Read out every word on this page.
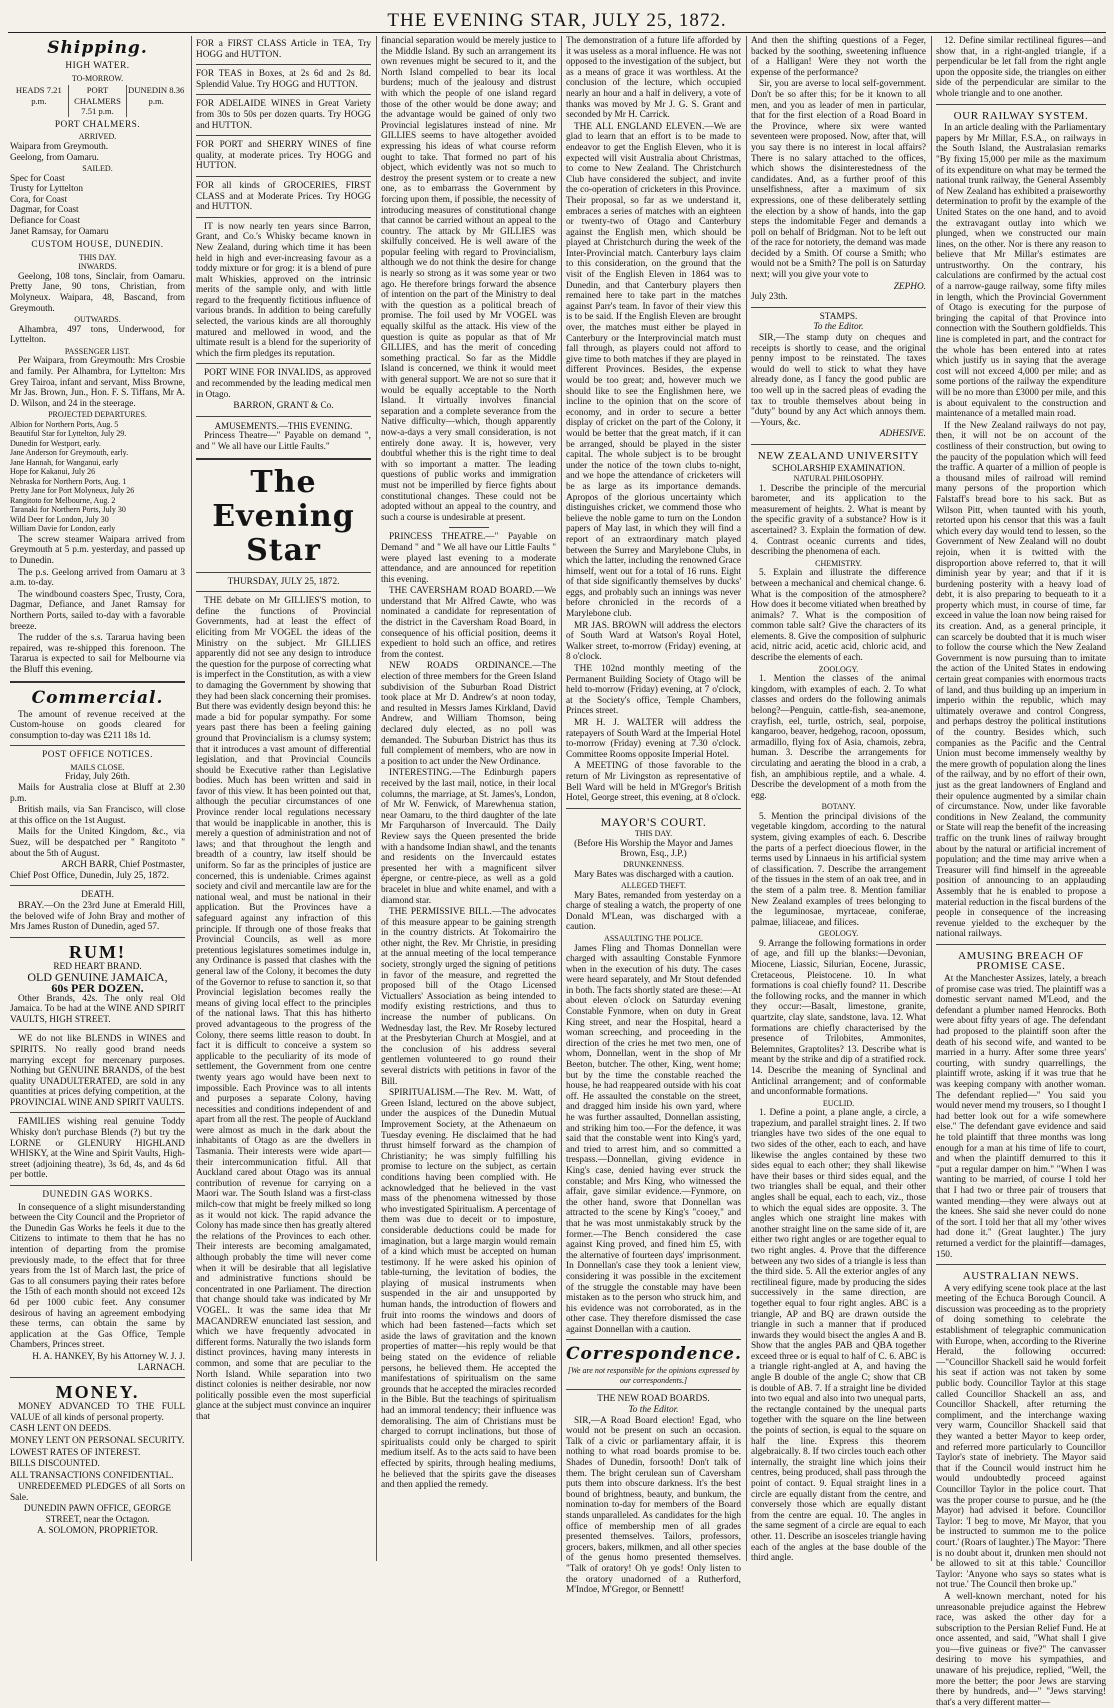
THE EVENING STAR, JULY 25, 1872.
Shipping.
HIGH WATER.
TO-MORROW.
HEADS 7.21 p.m.
PORT CHALMERS 7.51 p.m.
DUNEDIN 8.36 p.m.
PORT CHALMERS.
ARRIVED.
Waipara from Greymouth.
Geelong, from Oamaru.
SAILED.
Spec for Coast
Trusty for Lyttelton
Cora, for Coast
Dagmar, for Coast
Defiance for Coast
Janet Ramsay, for Oamaru
CUSTOM HOUSE, DUNEDIN.
THIS DAY.
INWARDS.
Geelong, 108 tons, Sinclair, from Oamaru. Pretty Jane, 90 tons, Christian, from Molyneux. Waipara, 48, Bascand, from Greymouth.
OUTWARDS.
Alhambra, 497 tons, Underwood, for Lyttelton.
PASSENGER LIST.
Per Waipara, from Greymouth: Mrs Crosbie and family. Per Alhambra, for Lyttelton: Mrs Grey Tairoa, infant and servant, Miss Browne, Mr Jas. Brown, Jun., Hon. F. S. Tiffans, Mr A. D. Wilson, and 24 in the steerage.
PROJECTED DEPARTURES.
Albion for Northern Ports, Aug. 5
Beautiful Star for Lyttelton, July 29.
Dunedin for Westport, early.
Jane Anderson for Greymouth, early.
Jane Hannah, for Wanganui, early
Hope for Kakanui, July 26
Nebraska for Northern Ports, Aug. 1
Pretty Jane for Port Molyneux, July 26
Rangitoto for Melbourne, Aug. 2
Taranaki for Northern Ports, July 30
Wild Deer for London, July 30
William Davie for London, early
The screw steamer Waipara arrived from Greymouth at 5 p.m. yesterday, and passed up to Dunedin.
The p.s. Geelong arrived from Oamaru at 3 a.m. to-day.
The windbound coasters Spec, Trusty, Cora, Dagmar, Defiance, and Janet Ramsay for Northern Ports, sailed to-day with a favorable breeze.
The rudder of the s.s. Tararua having been repaired, was re-shipped this forenoon. The Tararua is expected to sail for Melbourne via the Bluff this evening.
Commercial.
The amount of revenue received at the Custom-house on goods cleared for consumption to-day was £211 18s 1d.
POST OFFICE NOTICES.
MAILS CLOSE.
Friday, July 26th.
Mails for Australia close at Bluff at 2.30 p.m.
British mails, via San Francisco, will close at this office on the 1st August.
Mails for the United Kingdom, &c., via Suez, will be despatched per " Rangitoto " about the 5th of August.
ARCH BARR, Chief Postmaster,
Chief Post Office, Dunedin, July 25, 1872.
DEATH.
BRAY.—On the 23rd June at Emerald Hill, the beloved wife of John Bray and mother of Mrs James Ruston of Dunedin, aged 57.
RUM!
RED HEART BRAND.
OLD GENUINE JAMAICA,
60s PER DOZEN.
Other Brands, 42s. The only real Old Jamaica. To be had at the WINE AND SPIRIT VAULTS, HIGH STREET.
WE do not like BLENDS in WINES and SPIRITS. No really good brand needs marrying except for mercenary purposes. Nothing but GENUINE BRANDS, of the best quality UNADULTERATED, are sold in any quantities at prices defying competition, at the PROVINCIAL WINE AND SPIRIT VAULTS.
FAMILIES wishing real genuine Toddy Whisky don't purchase Blends (?) but try the LORNE or GLENURY HIGHLAND WHISKY, at the Wine and Spirit Vaults, High-street (adjoining theatre), 3s 6d, 4s, and 4s 6d per bottle.
DUNEDIN GAS WORKS.
In consequence of a slight misunderstanding between the City Council and the Proprietor of the Dunedin Gas Works he feels it due to the Citizens to intimate to them that he has no intention of departing from the promise previously made, to the effect that for three years from the 1st of March last, the price of Gas to all consumers paying their rates before the 15th of each month should not exceed 12s 6d per 1000 cubic feet. Any consumer desirous of having an agreement embodying these terms, can obtain the same by application at the Gas Office, Temple Chambers, Princes street.
H. A. HANKEY, By his Attorney W. J. J. LARNACH.
MONEY.
MONEY ADVANCED TO THE FULL VALUE of all kinds of personal property.
CASH LENT ON DEEDS.
MONEY LENT ON PERSONAL SECURITY.
LOWEST RATES OF INTEREST.
BILLS DISCOUNTED.
ALL TRANSACTIONS CONFIDENTIAL.
UNREDEEMED PLEDGES of all Sorts on Sale.
DUNEDIN PAWN OFFICE, GEORGE STREET, near the Octagon.
A. SOLOMON, PROPRIETOR.
FOR a FIRST CLASS Article in TEA, Try HOGG and HUTTON.
FOR TEAS in Boxes, at 2s 6d and 2s 8d. Splendid Value. Try HOGG and HUTTON.
FOR ADELAIDE WINES in Great Variety from 30s to 50s per dozen quarts. Try HOGG and HUTTON.
FOR PORT and SHERRY WINES of fine quality, at moderate prices. Try HOGG and HUTTON.
FOR all kinds of GROCERIES, FIRST CLASS and at Moderate Prices. Try HOGG and HUTTON.
IT is now nearly ten years since Barron, Grant, and Co.'s Whisky became known in New Zealand, during which time it has been held in high and ever-increasing favour as a toddy mixture or for grog: it is a blend of pure malt Whiskies, approved on the intrinsic merits of the sample only, and with little regard to the frequently fictitious influence of various brands. In addition to being carefully selected, the various kinds are all thoroughly matured and mellowed in wood, and the ultimate result is a blend for the superiority of which the firm pledges its reputation.
PORT WINE FOR INVALIDS, as approved and recommended by the leading medical men in Otago.
BARRON, GRANT & Co.
AMUSEMENTS.—THIS EVENING.
Princess Theatre—" Payable on demand ", and " We all have our Little Faults."
The Evening Star
THURSDAY, JULY 25, 1872.
THE debate on Mr GILLIES'S motion, to define the functions of Provincial Governments, had at least the effect of eliciting from Mr VOGEL the ideas of the Ministry on the subject. Mr GILLIES apparently did not see any design to introduce the question for the purpose of correcting what is imperfect in the Constitution, as with a view to damaging the Government by showing that they had been slack concerning their promises. But there was evidently design beyond this: he made a bid for popular sympathy. For some years past there has been a feeling gaining ground that Provincialism is a clumsy system; that it introduces a vast amount of differential legislation, and that Provincial Councils should be Executive rather than Legislative bodies. Much has been written and said in favor of this view. It has been pointed out that, although the peculiar circumstances of one Province render local regulations necessary that would be inapplicable in another, this is merely a question of administration and not of laws; and that throughout the length and breadth of a country, law itself should be uniform. So far as the principles of justice are concerned, this is undeniable. Crimes against society and civil and mercantile law are for the national weal, and must be national in their application. But the Provinces have a safeguard against any infraction of this principle. If through one of those freaks that Provincial Councils, as well as more pretentious legislatures sometimes indulge in, any Ordinance is passed that clashes with the general law of the Colony, it becomes the duty of the Governor to refuse to sanction it, so that Provincial legislation becomes really the means of giving local effect to the principles of the national laws. That this has hitherto proved advantageous to the progress of the Colony, there seems little reason to doubt. In fact it is difficult to conceive a system so applicable to the peculiarity of its mode of settlement, the Government from one centre twenty years ago would have been next to impossible. Each Province was to all intents and purposes a separate Colony, having necessities and conditions independent of and apart from all the rest. The people of Auckland were almost as much in the dark about the inhabitants of Otago as are the dwellers in Tasmania. Their interests were wide apart—their intercommunication fitful. All that Auckland cared about Otago was its annual contribution of revenue for carrying on a Maori war. The South Island was a first-class milch-cow that might be freely milked so long as it would not kick. The rapid advance the Colony has made since then has greatly altered the relations of the Provinces to each other. Their interests are becoming amalgamated, although probably the time will never come when it will be desirable that all legislative and administrative functions should be concentrated in one Parliament. The direction that change should take was indicated by Mr VOGEL. It was the same idea that Mr MACANDREW enunciated last session, and which we have frequently advocated in different forms. Naturally the two islands form distinct provinces, having many interests in common, and some that are peculiar to the North Island. While separation into two distinct colonies is neither desirable, nor now politically possible even the most superficial glance at the subject must convince an inquirer that
financial separation would be merely justice to the Middle Island. By such an arrangement its own revenues might be secured to it, and the North Island compelled to bear its local burdens; much of the jealousy and distrust with which the people of one island regard those of the other would be done away; and the advantage would be gained of only two Provincial legislatures instead of nine. Mr GILLIES seems to have altogether avoided expressing his ideas of what course reform ought to take. That formed no part of his object, which evidently was not so much to destroy the present system or to create a new one, as to embarrass the Government by forcing upon them, if possible, the necessity of introducing measures of constitutional change that cannot be carried without an appeal to the country. The attack by Mr GILLIES was skilfully conceived. He is well aware of the popular feeling with regard to Provincialism, although we do not think the desire for change is nearly so strong as it was some year or two ago. He therefore brings forward the absence of intention on the part of the Ministry to deal with the question as a political breach of promise. The foil used by Mr VOGEL was equally skilful as the attack. His view of the question is quite as popular as that of Mr GILLIES, and has the merit of conceding something practical. So far as the Middle Island is concerned, we think it would meet with general support. We are not so sure that it would be equally acceptable to the North Island. It virtually involves financial separation and a complete severance from the Native difficulty—which, though apparently now-a-days a very small consideration, is not entirely done away. It is, however, very doubtful whether this is the right time to deal with so important a matter. The leading questions of public works and immigration must not be imperilled by fierce fights about constitutional changes. These could not be adopted without an appeal to the country, and such a course is undesirable at present.
PRINCESS THEATRE.—" Payable on Demand " and " We all have our Little Faults " were played last evening to a moderate attendance, and are announced for repetition this evening.
THE CAVERSHAM ROAD BOARD.—We understand that Mr Alfred Cawte, who was nominated a candidate for representation of the district in the Caversham Road Board, in consequence of his official position, deems it expedient to hold such an office, and retires from the contest.
NEW ROADS ORDINANCE.—The election of three members for the Green Island subdivision of the Suburban Road District took place at Mr D. Andrew's at noon today, and resulted in Messrs James Kirkland, David Andrew, and William Thomson, being declared duly elected, as no poll was demanded. The Suburban District has thus its full complement of members, who are now in a position to act under the New Ordinance.
INTERESTING.—The Edinburgh papers received by the last mail, notice, in their local columns, the marriage, at St. James's, London, of Mr W. Fenwick, of Marewhenua station, near Oamaru, to the third daughter of the late Mr Farquharson of Invercauld. The Daily Review says the Queen presented the bride with a handsome Indian shawl, and the tenants and residents on the Invercauld estates presented her with a magnificent silver épergne, or centre-piece, as well as a gold bracelet in blue and white enamel, and with a diamond star.
THE PERMISSIVE BILL.—The advocates of this measure appear to be gaining strength in the country districts. At Tokomairiro the other night, the Rev. Mr Christie, in presiding at the annual meeting of the local temperance society, strongly urged the signing of petitions in favor of the measure, and regretted the proposed bill of the Otago Licensed Victuallers' Association as being intended to modify existing restrictions, and thus to increase the number of publicans. On Wednesday last, the Rev. Mr Roseby lectured at the Presbyterian Church at Mosgiel, and at the conclusion of his address several gentlemen volunteered to go round their several districts with petitions in favor of the Bill.
SPIRITUALISM.—The Rev. M. Watt, of Green Island, lectured on the above subject, under the auspices of the Dunedin Mutual Improvement Society, at the Athenaeum on Tuesday evening. He disclaimed that he had thrust himself forward as the champion of Christianity; he was simply fulfilling his promise to lecture on the subject, as certain conditions having been complied with. He acknowledged that he believed in the vast mass of the phenomena witnessed by those who investigated Spiritualism. A percentage of them was due to deceit or to imposture, considerable deductions could be made for imagination, but a large margin would remain of a kind which must be accepted on human testimony. If he were asked his opinion of table-turning, the levitation of bodies, the playing of musical instruments when suspended in the air and unsupported by human hands, the introduction of flowers and fruit into rooms the windows and doors of which had been fastened—facts which set aside the laws of gravitation and the known properties of matter—his reply would be that being stated on the evidence of reliable persons, he believed them. He accepted the manifestations of spiritualism on the same grounds that he accepted the miracles recorded in the Bible. But the teachings of spiritualism had an immoral tendency; their influence was demoralising. The aim of Christians must be charged to corrupt inclinations, but those of spiritualists could only be charged to spirit medium itself. As to the acts said to have been effected by spirits, through healing mediums, he believed that the spirits gave the diseases and then applied the remedy.
The demonstration of a future life afforded by it was useless as a moral influence. He was not opposed to the investigation of the subject, but as a means of grace it was worthless. At the conclusion of the lecture, which occupied nearly an hour and a half in delivery, a vote of thanks was moved by Mr J. G. S. Grant and seconded by Mr H. Carrick.
THE ALL ENGLAND ELEVEN.—We are glad to learn that an effort is to be made to endeavor to get the English Eleven, who it is expected will visit Australia about Christmas, to come to New Zealand. The Christchurch Club have considered the subject, and invite the co-operation of cricketers in this Province. Their proposal, so far as we understand it, embraces a series of matches with an eighteen or twenty-two of Otago and Canterbury against the English men, which should be played at Christchurch during the week of the Inter-Provincial match. Canterbury lays claim to this consideration, on the ground that the visit of the English Eleven in 1864 was to Dunedin, and that Canterbury players then remained here to take part in the matches against Parr's team. In favor of their view this is to be said. If the English Eleven are brought over, the matches must either be played in Canterbury or the Interprovincial match must fall through, as players could not afford to give time to both matches if they are played in different Provinces. Besides, the expense would be too great; and, however much we should like to see the Englishmen here, we incline to the opinion that on the score of economy, and in order to secure a better display of cricket on the part of the Colony, it would be better that the great match, if it can be arranged, should be played in the sister capital. The whole subject is to be brought under the notice of the town clubs to-night, and we hope the attendance of cricketers will be as large as its importance demands. Apropos of the glorious uncertainty which distinguishes cricket, we commend those who believe the noble game to turn on the London papers of May last, in which they will find a report of an extraordinary match played between the Surrey and Marylebone Clubs, in which the latter, including the renowned Grace himself, went out for a total of 16 runs. Eight of that side significantly themselves by ducks' eggs, and probably such an innings was never before chronicled in the records of a Marylebone club.
MR JAS. BROWN will address the electors of South Ward at Watson's Royal Hotel, Walker street, to-morrow (Friday) evening, at 8 o'clock.
THE 102nd monthly meeting of the Permanent Building Society of Otago will be held to-morrow (Friday) evening, at 7 o'clock, at the Society's office, Temple Chambers, Princes street.
MR H. J. WALTER will address the ratepayers of South Ward at the Imperial Hotel to-morrow (Friday) evening at 7.30 o'clock. Committee Rooms opposite Imperial Hotel.
A MEETING of those favorable to the return of Mr Livingston as representative of Bell Ward will be held in M'Gregor's British Hotel, George street, this evening, at 8 o'clock.
MAYOR'S COURT.
THIS DAY.
(Before His Worship the Mayor and James Brown, Esq., J.P.)
DRUNKENNESS.
Mary Bates was discharged with a caution.
ALLEGED THEFT.
Mary Bates, remanded from yesterday on a charge of stealing a watch, the property of one Donald M'Lean, was discharged with a caution.
ASSAULTING THE POLICE.
James Fling and Thomas Donnellan were charged with assaulting Constable Fynmore when in the execution of his duty. The cases were heard separately, and Mr Stout defended in both. The facts shortly stated are these:—At about eleven o'clock on Saturday evening Constable Fynmore, when on duty in Great King street, and near the Hospital, heard a woman screeching, and proceeding in the direction of the cries he met two men, one of whom, Donnellan, went in the shop of Mr Beeton, butcher. The other, King, went home; but by the time the constable reached the house, he had reappeared outside with his coat off. He assaulted the constable on the street, and dragged him inside his own yard, where he was further assaulted, Donnellan assisting, and striking him too.—For the defence, it was said that the constable went into King's yard, and tried to arrest him, and so committed a trespass.—Donnellan, giving evidence in King's case, denied having ever struck the constable; and Mrs King, who witnessed the affair, gave similar evidence.—Fynmore, on the other hand, swore that Donnellan was attracted to the scene by King's "cooey," and that he was most unmistakably struck by the former.—The Bench considered the case against King proved, and fined him £5, with the alternative of fourteen days' imprisonment. In Donnellan's case they took a lenient view, considering it was possible in the excitement of the struggle the constable may have been mistaken as to the person who struck him, and his evidence was not corroborated, as in the other case. They therefore dismissed the case against Donnellan with a caution.
Correspondence.
[We are not responsible for the opinions expressed by our correspondents.]
THE NEW ROAD BOARDS.
To the Editor.
SIR,—A Road Board election! Egad, who would not be present on such an occasion. Talk of a civic or parliamentary affair, it is nothing to what road boards promise to be. Shades of Dunedin, forsooth! Don't talk of them. The bright cerulean sun of Caversham puts them into obscure darkness. It's the best bound of brightness, beauty, and bunkum, the nomination to-day for members of the Board stands unparalleled. As candidates for the high office of membership men of all grades presented themselves. Tailors, professors, grocers, bakers, milkmen, and all other species of the genus homo presented themselves. "Talk of oratory! Oh ye gods! Only listen to the oratory unadorned of a Rutherford, M'Indoe, M'Gregor, or Bennett!
And then the shifting questions of a Feger, backed by the soothing, sweetening influence of a Halligan! Were they not worth the expense of the performance?
Sir, you are averse to local self-government. Don't be so after this; for be it known to all men, and you as leader of men in particular, that for the first election of a Road Board in the Province, where six were wanted seventeen were proposed. Now, after that, will you say there is no interest in local affairs? There is no salary attached to the offices, which shows the disinterestedness of the candidates. And, as a further proof of this unselfishness, after a maximum of six expressions, one of these deliberately settling the election by a show of hands, into the gap steps the indomitable Feger and demands a poll on behalf of Bridgman. Not to be left out of the race for notoriety, the demand was made decided by a Smith. Of course a Smith; who would not be a Smith? The poll is on Saturday next; will you give your vote to
ZEPHO.
July 23th.
STAMPS.
To the Editor.
SIR,—The stamp duty on cheques and receipts is shortly to cease, and the original penny impost to be reinstated. The taxes would do well to stick to what they have already done, as I fancy the good public are too well up in the sacred pleas of evading the tax to trouble themselves about being in "duty" bound by any Act which annoys them.—Yours, &c.
ADHESIVE.
NEW ZEALAND UNIVERSITY
SCHOLARSHIP EXAMINATION.
NATURAL PHILOSOPHY.
1. Describe the principle of the mercurial barometer, and its application to the measurement of heights. 2. What is meant by the specific gravity of a substance? How is it ascertained? 3. Explain the formation of dew. 4. Contrast oceanic currents and tides, describing the phenomena of each.
CHEMISTRY.
5. Explain and illustrate the difference between a mechanical and chemical change. 6. What is the composition of the atmosphere? How does it become vitiated when breathed by animals? 7. What is the composition of common table salt? Give the characters of its elements. 8. Give the composition of sulphuric acid, nitric acid, acetic acid, chloric acid, and describe the elements of each.
ZOOLOGY.
1. Mention the classes of the animal kingdom, with examples of each. 2. To what classes and orders do the following animals belong?—Penguin, cattle-fish, sea-anemone, crayfish, eel, turtle, ostrich, seal, porpoise, kangaroo, beaver, hedgehog, racoon, opossum, armadillo, flying fox of Asia, chamois, zebra, human. 3. Describe the arrangements for circulating and aerating the blood in a crab, a fish, an amphibious reptile, and a whale. 4. Describe the development of a moth from the egg.
BOTANY.
5. Mention the principal divisions of the vegetable kingdom, according to the natural system, giving examples of each. 6. Describe the parts of a perfect dioecious flower, in the terms used by Linnaeus in his artificial system of classification. 7. Describe the arrangement of the tissues in the stem of an oak tree, and in the stem of a palm tree. 8. Mention familiar New Zealand examples of trees belonging to the leguminosae, myrtaceae, coniferae, palmae, liliaceae, and filices.
GEOLOGY.
9. Arrange the following formations in order of age, and fill up the blanks:—Devonian, Miocene, Liassic, Silurian, Eocene, Jurassic, Cretaceous, Pleistocene. 10. In what formations is coal chiefly found? 11. Describe the following rocks, and the manner in which they occur:—Basalt, limestone, granite, quartzite, clay slate, sandstone, lava. 12. What formations are chiefly characterised by the presence of Trilobites, Ammonites, Belemnites, Graptolites? 13. Describe what is meant by the strike and dip of a stratified rock. 14. Describe the meaning of Synclinal and Anticlinal arrangement; and of conformable and unconformable formations.
EUCLID.
1. Define a point, a plane angle, a circle, a trapezium, and parallel straight lines. 2. If two triangles have two sides of the one equal to two sides of the other, each to each, and have likewise the angles contained by these two sides equal to each other; they shall likewise have their bases or third sides equal, and the two triangles shall be equal, and their other angles shall be equal, each to each, viz., those to which the equal sides are opposite. 3. The angles which one straight line makes with another straight line on the same side of it, are either two right angles or are together equal to two right angles. 4. Prove that the difference between any two sides of a triangle is less than the third side. 5. All the exterior angles of any rectilineal figure, made by producing the sides successively in the same direction, are together equal to four right angles. ABC is a triangle, AP and BQ are drawn outside the triangle in such a manner that if produced inwards they would bisect the angles A and B. Show that the angles PAB and QBA together exceed three or is equal to half of C. 6. ABC is a triangle right-angled at A, and having the angle B double of the angle C; show that CB is double of AB. 7. If a straight line be divided into two equal and also into two unequal parts, the rectangle contained by the unequal parts together with the square on the line between the points of section, is equal to the square on half the line. Express this theorem algebraically. 8. If two circles touch each other internally, the straight line which joins their centres, being produced, shall pass through the point of contact. 9. Equal straight lines in a circle are equally distant from the centre, and conversely those which are equally distant from the centre are equal. 10. The angles in the same segment of a circle are equal to each other. 11. Describe an isosceles triangle having each of the angles at the base double of the third angle.
12. Define similar rectilineal figures—and show that, in a right-angled triangle, if a perpendicular be let fall from the right angle upon the opposite side, the triangles on either side of the perpendicular are similar to the whole triangle and to one another.
OUR RAILWAY SYSTEM.
In an article dealing with the Parliamentary papers by Mr Millar, F.S.A., on railways in the South Island, the Australasian remarks "By fixing 15,000 per mile as the maximum of its expenditure on what may be termed the national trunk railway, the General Assembly of New Zealand has exhibited a praiseworthy determination to profit by the example of the United States on the one hand, and to avoid the extravagant outlay into which we plunged, when we constructed our main lines, on the other. Nor is there any reason to believe that Mr Millar's estimates are untrustworthy. On the contrary, his calculations are confirmed by the actual cost of a narrow-gauge railway, some fifty miles in length, which the Provincial Government of Otago is executing for the purpose of bringing the capital of that Province into connection with the Southern goldfields. This line is completed in part, and the contract for the whole has been entered into at rates which justify us in saying that the average cost will not exceed 4,000 per mile; and as some portions of the railway the expenditure will be no more than £3000 per mile, and this is about equivalent to the construction and maintenance of a metalled main road.
If the New Zealand railways do not pay, then, it will not be on account of the costliness of their construction, but owing to the paucity of the population which will feed the traffic. A quarter of a million of people is a thousand miles of railroad will remind many persons of the proportion which Falstaff's bread bore to his sack. But as Wilson Pitt, when taunted with his youth, retorted upon his censor that this was a fault which every day would tend to lessen, so the Government of New Zealand will no doubt rejoin, when it is twitted with the disproportion above referred to, that it will diminish year by year; and that if it is burdening posterity with a heavy load of debt, it is also preparing to bequeath to it a property which must, in course of time, far exceed in value the loan now being raised for its creation. And, as a general principle, it can scarcely be doubted that it is much wiser to follow the course which the New Zealand Government is now pursuing than to imitate the action of the United States in endowing certain great companies with enormous tracts of land, and thus building up an imperium in imperio within the republic, which may ultimately overawe and control Congress, and perhaps destroy the political institutions of the country. Besides which, such companies as the Pacific and the Central Union must become immensely wealthy by the mere growth of population along the lines of the railway, and by no effort of their own, just as the great landowners of England and their opulence augmented by a similar chain of circumstance. Now, under like favorable conditions in New Zealand, the community or State will reap the benefit of the increasing traffic on the trunk lines of railway brought about by the natural or artificial increment of population; and the time may arrive when a Treasurer will find himself in the agreeable position of announcing to an applauding Assembly that he is enabled to propose a material reduction in the fiscal burdens of the people in consequence of the increasing revenue yielded to the exchequer by the national railways.
AMUSING BREACH OF PROMISE CASE.
At the Manchester Assizes, lately, a breach of promise case was tried. The plaintiff was a domestic servant named M'Leod, and the defendant a plumber named Henrocks. Both were about fifty years of age. The defendant had proposed to the plaintiff soon after the death of his second wife, and wanted to be married in a hurry. After some three years' courting, with sundry quarrellings, the plaintiff wrote, asking if it was true that he was keeping company with another woman. The defendant replied—" You said you would never mend my trousers, so I thought I had better look out for a wife somewhere else." The defendant gave evidence and said he told plaintiff that three months was long enough for a man at his time of life to court, and when the plaintiff demurred to this it "put a regular damper on him." "When I was wanting to be married, of course I told her that I had two or three pair of trousers that wanted mending—they were always out at the knees. She said she never could do none of the sort. I told her that all my 'other wives had done it." (Great laughter.) The jury returned a verdict for the plaintiff—damages, 150.
AUSTRALIAN NEWS.
A very edifying scene took place at the last meeting of the Echuca Borough Council. A discussion was proceeding as to the propriety of doing something to celebrate the establishment of telegraphic communication with Europe, when, according to the Riverine Herald, the following occurred:—"Councillor Shackell said he would forfeit his seat if action was not taken by some public body. Councillor Taylor at this stage called Councillor Shackell an ass, and Councillor Shackell, after returning the compliment, and the interchange waxing very warm, Councillor Shackell said that they wanted a better Mayor to keep order, and referred more particularly to Councillor Taylor's state of inebriety. The Mayor said that if the Council would instruct him he would undoubtedly proceed against Councillor Taylor in the police court. That was the proper course to pursue, and he (the Mayor) had advised it before. Councillor Taylor: 'I beg to move, Mr Mayor, that you be instructed to summon me to the police court.' (Roars of laughter.) The Mayor: 'There is no doubt about it, drunken men should not be allowed to sit at this table.' Councillor Taylor: 'Anyone who says so states what is not true.' The Council then broke up."
A well-known merchant, noted for his unreasonable prejudice against the Hebrew race, was asked the other day for a subscription to the Persian Relief Fund. He at once assented, and said, "What shall I give you—five guineas or five?" The canvasser desiring to move his sympathies, and unaware of his prejudice, replied, "Well, the more the better; the poor Jews are starving there by hundreds, and—" "Jews starving! that's a very different matter—
